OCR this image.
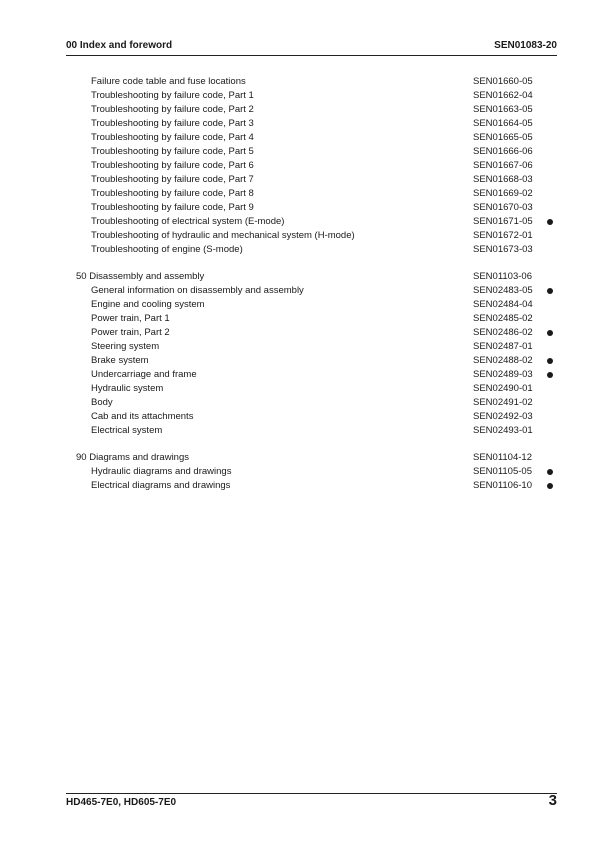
00 Index and foreword	SEN01083-20
Failure code table and fuse locations	SEN01660-05
Troubleshooting by failure code, Part 1	SEN01662-04
Troubleshooting by failure code, Part 2	SEN01663-05
Troubleshooting by failure code, Part 3	SEN01664-05
Troubleshooting by failure code, Part 4	SEN01665-05
Troubleshooting by failure code, Part 5	SEN01666-06
Troubleshooting by failure code, Part 6	SEN01667-06
Troubleshooting by failure code, Part 7	SEN01668-03
Troubleshooting by failure code, Part 8	SEN01669-02
Troubleshooting by failure code, Part 9	SEN01670-03
Troubleshooting of electrical system (E-mode)	SEN01671-05
Troubleshooting of hydraulic and mechanical system (H-mode)	SEN01672-01
Troubleshooting of engine (S-mode)	SEN01673-03
50 Disassembly and assembly	SEN01103-06
General information on disassembly and assembly	SEN02483-05
Engine and cooling system	SEN02484-04
Power train, Part 1	SEN02485-02
Power train, Part 2	SEN02486-02
Steering system	SEN02487-01
Brake system	SEN02488-02
Undercarriage and frame	SEN02489-03
Hydraulic system	SEN02490-01
Body	SEN02491-02
Cab and its attachments	SEN02492-03
Electrical system	SEN02493-01
90 Diagrams and drawings	SEN01104-12
Hydraulic diagrams and drawings	SEN01105-05
Electrical diagrams and drawings	SEN01106-10
HD465-7E0, HD605-7E0	3
